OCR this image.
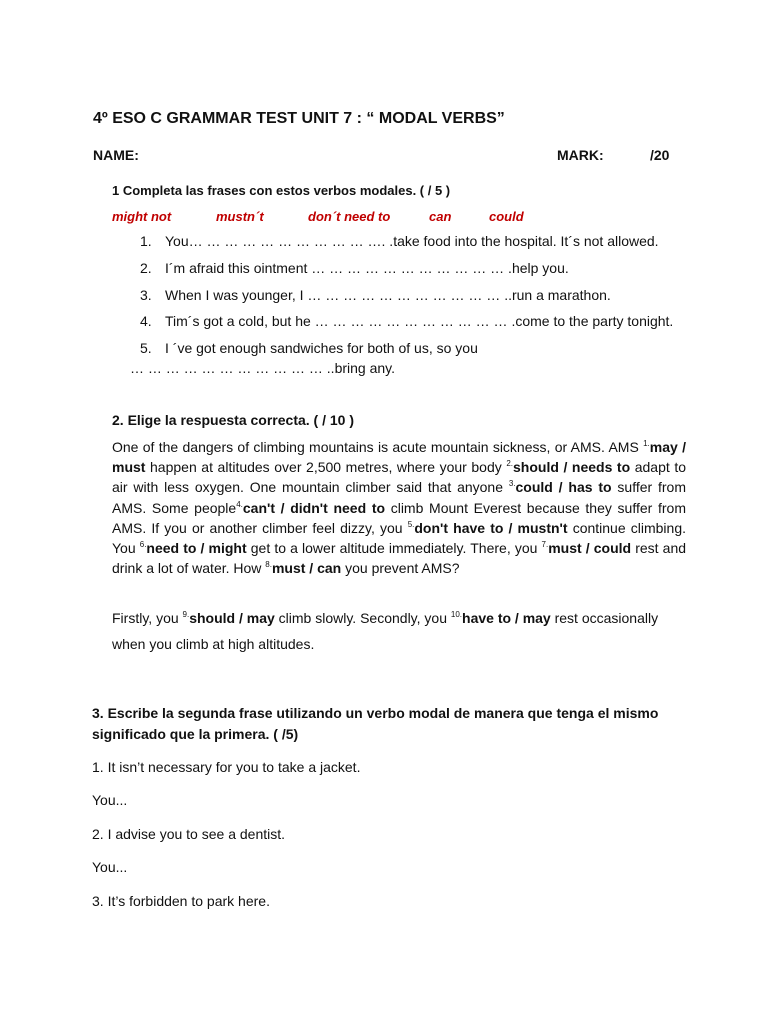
4º ESO C GRAMMAR TEST UNIT 7 : “ MODAL VERBS”
NAME:	MARK:	/20
1 Completa las frases con estos verbos modales. ( / 5 )
might not	mustn´t	don´t need to	can	could
1. You… … … … … … … … … … …. .take food into the hospital. It´s not allowed.
2. I´m afraid this ointment … … … … … … … … … … … .help you.
3. When I was younger, I … … … … … … … … … … … ..run a marathon.
4. Tim´s got a cold, but he … … … … … … … … … … … .come to the party tonight.
5. I ´ve got enough sandwiches for both of us, so you
… … … … … … … … … … … ..bring any.
2. Elige la respuesta correcta. ( / 10 )
One of the dangers of climbing mountains is acute mountain sickness, or AMS. AMS $^{1.}$may / must happen at altitudes over 2,500 metres, where your body $^{2.}$should / needs to adapt to air with less oxygen. One mountain climber said that anyone $^{3.}$could / has to suffer from AMS. Some people$^{4.}$can't / didn't need to climb Mount Everest because they suffer from AMS. If you or another climber feel dizzy, you $^{5.}$don't have to / mustn't continue climbing. You $^{6.}$need to / might get to a lower altitude immediately. There, you $^{7.}$must / could rest and drink a lot of water. How $^{8.}$must / can you prevent AMS?
Firstly, you $^{9.}$should / may climb slowly. Secondly, you $^{10.}$have to / may rest occasionally when you climb at high altitudes.
3. Escribe la segunda frase utilizando un verbo modal de manera que tenga el mismo significado que la primera. ( /5)
1. It isn’t necessary for you to take a jacket.
You...
2. I advise you to see a dentist.
You...
3. It’s forbidden to park here.
